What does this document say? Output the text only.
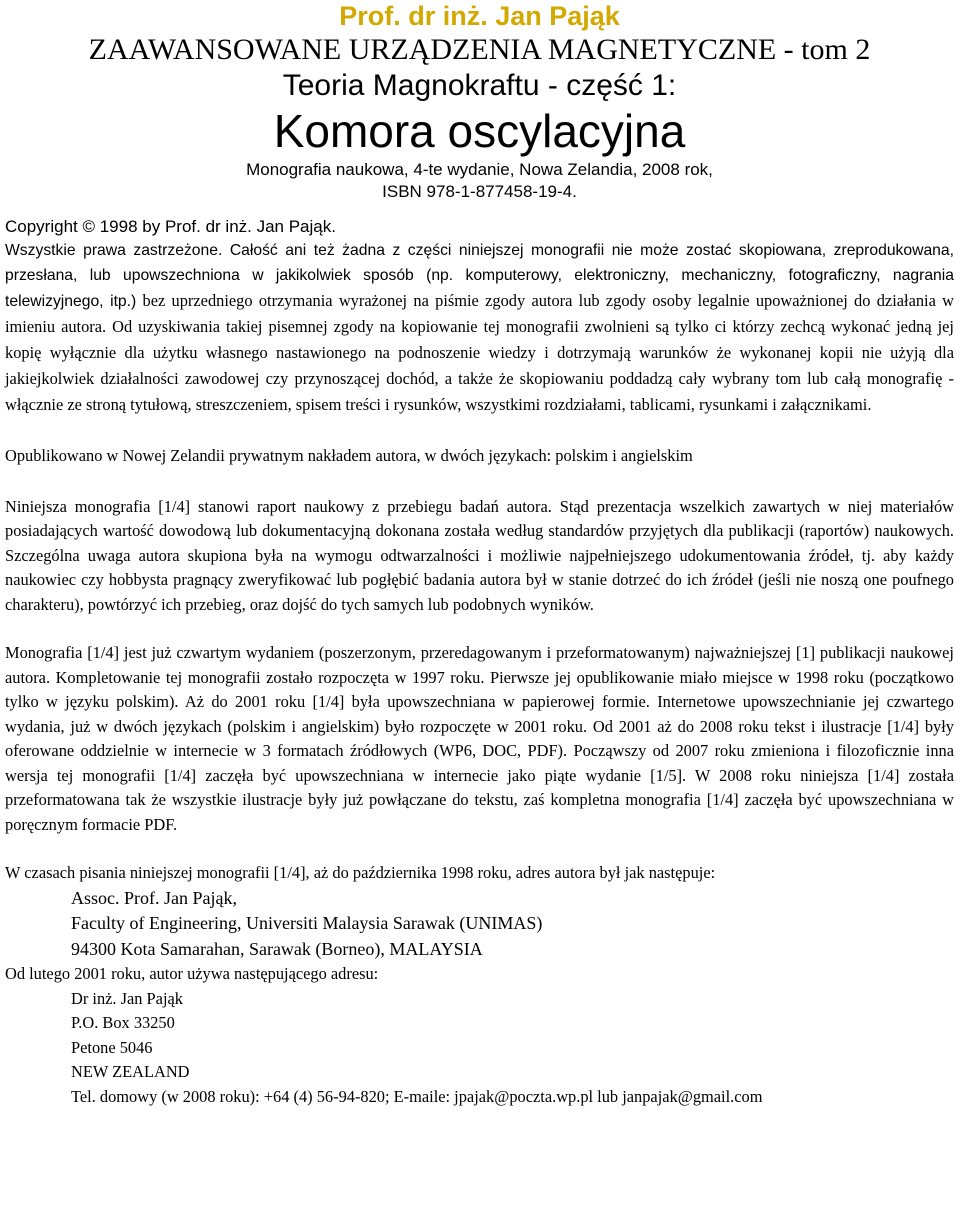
Prof. dr inż. Jan Pająk
ZAAWANSOWANE URZĄDZENIA MAGNETYCZNE - tom 2
Teoria Magnokraftu - część 1:
Komora oscylacyjna
Monografia naukowa, 4-te wydanie, Nowa Zelandia, 2008 rok,
ISBN 978-1-877458-19-4.
Copyright © 1998 by Prof. dr inż. Jan Pająk.

Wszystkie prawa zastrzeżone. Całość ani też żadna z części niniejszej monografii nie może zostać skopiowana, zreprodukowana, przesłana, lub upowszechniona w jakikolwiek sposób (np. komputerowy, elektroniczny, mechaniczny, fotograficzny, nagrania telewizyjnego, itp.) bez uprzedniego otrzymania wyrażonej na piśmie zgody autora lub zgody osoby legalnie upoważnionej do działania w imieniu autora. Od uzyskiwania takiej pisemnej zgody na kopiowanie tej monografii zwolnieni są tylko ci którzy zechcą wykonać jedną jej kopię wyłącznie dla użytku własnego nastawionego na podnoszenie wiedzy i dotrzymają warunków że wykonanej kopii nie użyją dla jakiejkolwiek działalności zawodowej czy przynoszącej dochód, a także że skopiowaniu poddadzą cały wybrany tom lub całą monografię - włącznie ze stroną tytułową, streszczeniem, spisem treści i rysunków, wszystkimi rozdziałami, tablicami, rysunkami i załącznikami.

Opublikowano w Nowej Zelandii prywatnym nakładem autora, w dwóch językach: polskim i angielskim

Niniejsza monografia [1/4] stanowi raport naukowy z przebiegu badań autora. Stąd prezentacja wszelkich zawartych w niej materiałów posiadających wartość dowodową lub dokumentacyjną dokonana została według standardów przyjętych dla publikacji (raportów) naukowych. Szczególna uwaga autora skupiona była na wymogu odtwarzalności i możliwie najpełniejszego udokumentowania źródeł, tj. aby każdy naukowiec czy hobbysta pragnący zweryfikować lub pogłębić badania autora był w stanie dotrzeć do ich źródeł (jeśli nie noszą one poufnego charakteru), powtórzyć ich przebieg, oraz dojść do tych samych lub podobnych wyników.

Monografia [1/4] jest już czwartym wydaniem (poszerzonym, przeredagowanym i przeformatowanym) najważniejszej [1] publikacji naukowej autora. Kompletowanie tej monografii zostało rozpoczęta w 1997 roku. Pierwsze jej opublikowanie miało miejsce w 1998 roku (początkowo tylko w języku polskim). Aż do 2001 roku [1/4] była upowszechniana w papierowej formie. Internetowe upowszechnianie jej czwartego wydania, już w dwóch językach (polskim i angielskim) było rozpoczęte w 2001 roku. Od 2001 aż do 2008 roku tekst i ilustracje [1/4] były oferowane oddzielnie w internecie w 3 formatach źródłowych (WP6, DOC, PDF). Począwszy od 2007 roku zmieniona i filozoficznie inna wersja tej monografii [1/4] zaczęła być upowszechniana w internecie jako piąte wydanie [1/5]. W 2008 roku niniejsza [1/4] została przeformatowana tak że wszystkie ilustracje były już powłączane do tekstu, zaś kompletna monografia [1/4] zaczęła być upowszechniana w poręcznym formacie PDF.

W czasach pisania niniejszej monografii [1/4], aż do października 1998 roku, adres autora był jak następuje:

Assoc. Prof. Jan Pająk,
Faculty of Engineering, Universiti Malaysia Sarawak (UNIMAS)
94300 Kota Samarahan, Sarawak (Borneo), MALAYSIA

Od lutego 2001 roku, autor używa następującego adresu:

Dr inż. Jan Pająk
P.O. Box 33250
Petone 5046
NEW ZEALAND
Tel. domowy (w 2008 roku): +64 (4) 56-94-820; E-maile: jpajak@poczta.wp.pl lub janpajak@gmail.com
